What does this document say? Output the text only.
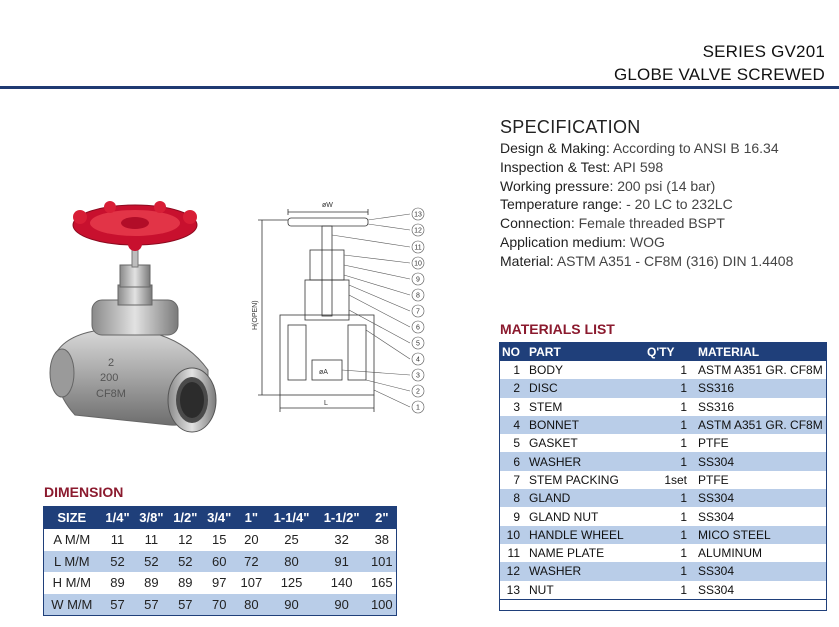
SERIES GV201
GLOBE VALVE SCREWED
2
200
CF8M
13
12
11
10
9
8
7
6
5
4
3
2
1
øW
H(OPEN)
øA
L
SPECIFICATION
Design & Making: According to ANSI B 16.34
Inspection & Test: API 598
Working pressure: 200 psi (14 bar)
Temperature range: - 20 LC to 232LC
Connection: Female threaded BSPT
Application medium: WOG
Material: ASTM A351 - CF8M (316) DIN 1.4408
MATERIALS LIST
NO	PART	Q'TY	MATERIAL
1	BODY	1	ASTM A351 GR. CF8M
2	DISC	1	SS316
3	STEM	1	SS316
4	BONNET	1	ASTM A351 GR. CF8M
5	GASKET	1	PTFE
6	WASHER	1	SS304
7	STEM PACKING	1set	PTFE
8	GLAND	1	SS304
9	GLAND NUT	1	SS304
10	HANDLE WHEEL	1	MICO STEEL
11	NAME PLATE	1	ALUMINUM
12	WASHER	1	SS304
13	NUT	1	SS304
DIMENSION
SIZE	1/4"	3/8"	1/2"	3/4"	1"	1-1/4"	1-1/2"	2"
A M/M	11	11	12	15	20	25	32	38
L M/M	52	52	52	60	72	80	91	101
H M/M	89	89	89	97	107	125	140	165
W M/M	57	57	57	70	80	90	90	100
